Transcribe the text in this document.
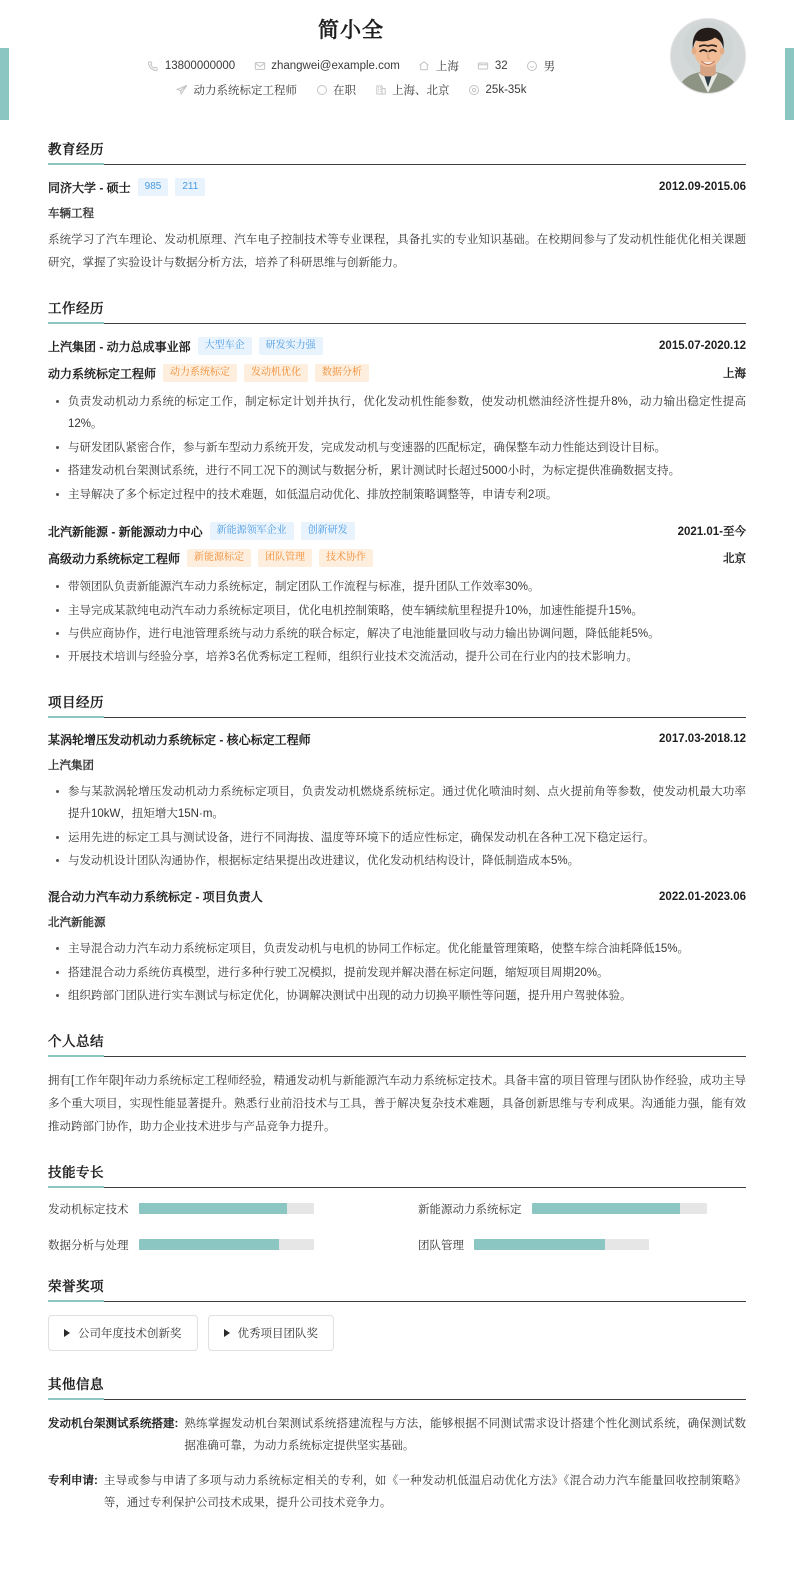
简小全
13800000000	zhangwei@example.com	上海	32	男
动力系统标定工程师	在职	上海、北京	25k-35k
教育经历
同济大学 - 硕士	985	211	2012.09-2015.06
车辆工程
系统学习了汽车理论、发动机原理、汽车电子控制技术等专业课程，具备扎实的专业知识基础。在校期间参与了发动机性能优化相关课题研究，掌握了实验设计与数据分析方法，培养了科研思维与创新能力。
工作经历
上汽集团 - 动力总成事业部	大型车企	研发实力强	2015.07-2020.12
动力系统标定工程师	动力系统标定	发动机优化	数据分析	上海
负责发动机动力系统的标定工作，制定标定计划并执行，优化发动机性能参数，使发动机燃油经济性提升8%，动力输出稳定性提高12%。
与研发团队紧密合作，参与新车型动力系统开发，完成发动机与变速器的匹配标定，确保整车动力性能达到设计目标。
搭建发动机台架测试系统，进行不同工况下的测试与数据分析，累计测试时长超过5000小时，为标定提供准确数据支持。
主导解决了多个标定过程中的技术难题，如低温启动优化、排放控制策略调整等，申请专利2项。
北汽新能源 - 新能源动力中心	新能源领军企业	创新研发	2021.01-至今
高级动力系统标定工程师	新能源标定	团队管理	技术协作	北京
带领团队负责新能源汽车动力系统标定，制定团队工作流程与标准，提升团队工作效率30%。
主导完成某款纯电动汽车动力系统标定项目，优化电机控制策略，使车辆续航里程提升10%，加速性能提升15%。
与供应商协作，进行电池管理系统与动力系统的联合标定，解决了电池能量回收与动力输出协调问题，降低能耗5%。
开展技术培训与经验分享，培养3名优秀标定工程师，组织行业技术交流活动，提升公司在行业内的技术影响力。
项目经历
某涡轮增压发动机动力系统标定 - 核心标定工程师	2017.03-2018.12
上汽集团
参与某款涡轮增压发动机动力系统标定项目，负责发动机燃烧系统标定。通过优化喷油时刻、点火提前角等参数，使发动机最大功率提升10kW，扭矩增大15N·m。
运用先进的标定工具与测试设备，进行不同海拔、温度等环境下的适应性标定，确保发动机在各种工况下稳定运行。
与发动机设计团队沟通协作，根据标定结果提出改进建议，优化发动机结构设计，降低制造成本5%。
混合动力汽车动力系统标定 - 项目负责人	2022.01-2023.06
北汽新能源
主导混合动力汽车动力系统标定项目，负责发动机与电机的协同工作标定。优化能量管理策略，使整车综合油耗降低15%。
搭建混合动力系统仿真模型，进行多种行驶工况模拟，提前发现并解决潜在标定问题，缩短项目周期20%。
组织跨部门团队进行实车测试与标定优化，协调解决测试中出现的动力切换平顺性等问题，提升用户驾驶体验。
个人总结
拥有[工作年限]年动力系统标定工程师经验，精通发动机与新能源汽车动力系统标定技术。具备丰富的项目管理与团队协作经验，成功主导多个重大项目，实现性能显著提升。熟悉行业前沿技术与工具，善于解决复杂技术难题，具备创新思维与专利成果。沟通能力强，能有效推动跨部门协作，助力企业技术进步与产品竞争力提升。
技能专长
发动机标定技术	新能源动力系统标定
数据分析与处理	团队管理
荣誉奖项
公司年度技术创新奖	优秀项目团队奖
其他信息
发动机台架测试系统搭建: 熟练掌握发动机台架测试系统搭建流程与方法，能够根据不同测试需求设计搭建个性化测试系统，确保测试数据准确可靠，为动力系统标定提供坚实基础。
专利申请: 主导或参与申请了多项与动力系统标定相关的专利，如《一种发动机低温启动优化方法》《混合动力汽车能量回收控制策略》等，通过专利保护公司技术成果，提升公司技术竞争力。
